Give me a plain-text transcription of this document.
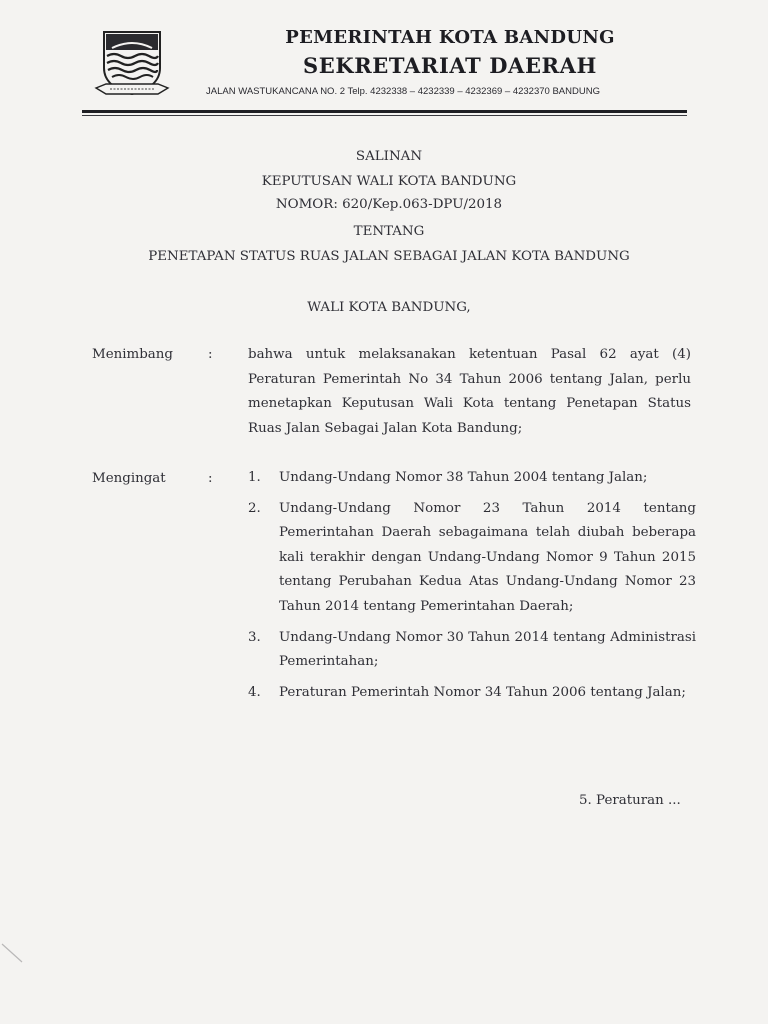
PEMERINTAH KOTA BANDUNG
SEKRETARIAT DAERAH
JALAN WASTUKANCANA NO. 2 Telp. 4232338 – 4232339 – 4232369 – 4232370 BANDUNG
SALINAN
KEPUTUSAN WALI KOTA BANDUNG
NOMOR: 620/Kep.063-DPU/2018
TENTANG
PENETAPAN STATUS RUAS JALAN SEBAGAI JALAN KOTA BANDUNG
WALI KOTA BANDUNG,
Menimbang	:	bahwa untuk melaksanakan ketentuan Pasal 62 ayat (4) Peraturan Pemerintah No 34 Tahun 2006 tentang Jalan, perlu menetapkan Keputusan Wali Kota tentang Penetapan Status Ruas Jalan Sebagai Jalan Kota Bandung;
Mengingat	:	1.	Undang-Undang Nomor 38 Tahun 2004 tentang Jalan;
2.	Undang-Undang Nomor 23 Tahun 2014 tentang Pemerintahan Daerah sebagaimana telah diubah beberapa kali terakhir dengan Undang-Undang Nomor 9 Tahun 2015 tentang Perubahan Kedua Atas Undang-Undang Nomor 23 Tahun 2014 tentang Pemerintahan Daerah;
3.	Undang-Undang Nomor 30 Tahun 2014 tentang Administrasi Pemerintahan;
4.	Peraturan Pemerintah Nomor 34 Tahun 2006 tentang Jalan;
5. Peraturan ...
